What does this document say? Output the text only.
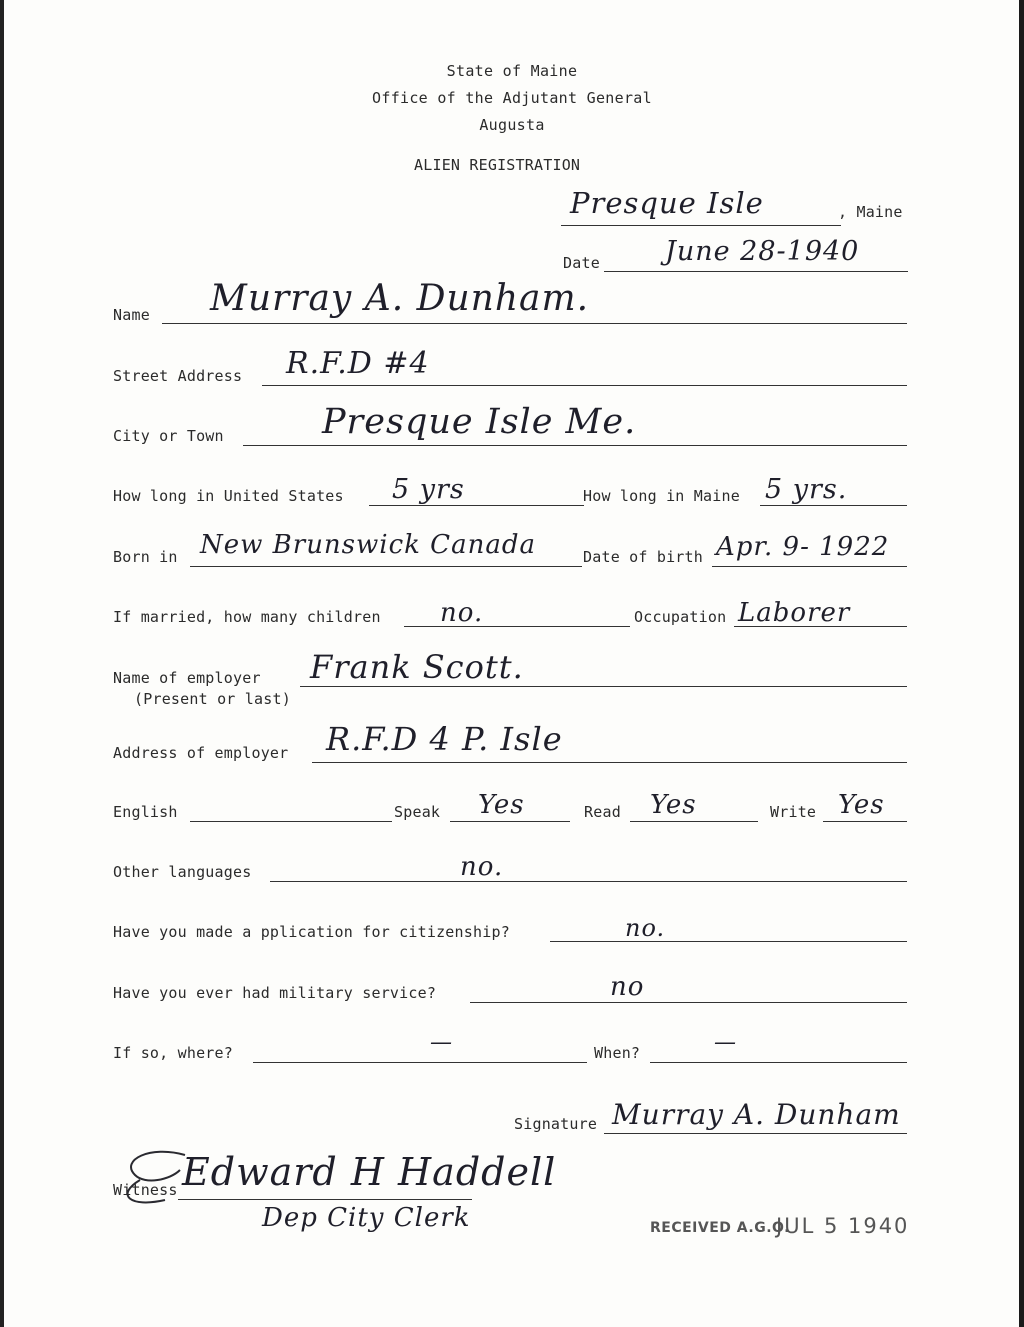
State of Maine
Office of the Adjutant General
Augusta
ALIEN REGISTRATION
Presque Isle	, Maine
Date June 28-1940
Name Murray A. Dunham.
Street Address R.F.D #4
City or Town	Presque Isle Me.
How long in United States 5 yrs	How long in Maine 5 yrs.
Born in New Brunswick Canada	Date of birth Apr. 9- 1922
If married, how many children no.	Occupation Laborer
Name of employer
(Present or last)
Frank Scott.
Address of employer R.F.D 4 P. Isle
English	Speak Yes	Read Yes	Write Yes
Other languages	no.
Have you made a pplication for citizenship?	no.
Have you ever had military service?	no
If so, where?	—	When?	—
Signature Murray A. Dunham
Witness Edward H Haddell
Dep City Clerk	RECEIVED A.G.O.
JUL 5 1940
